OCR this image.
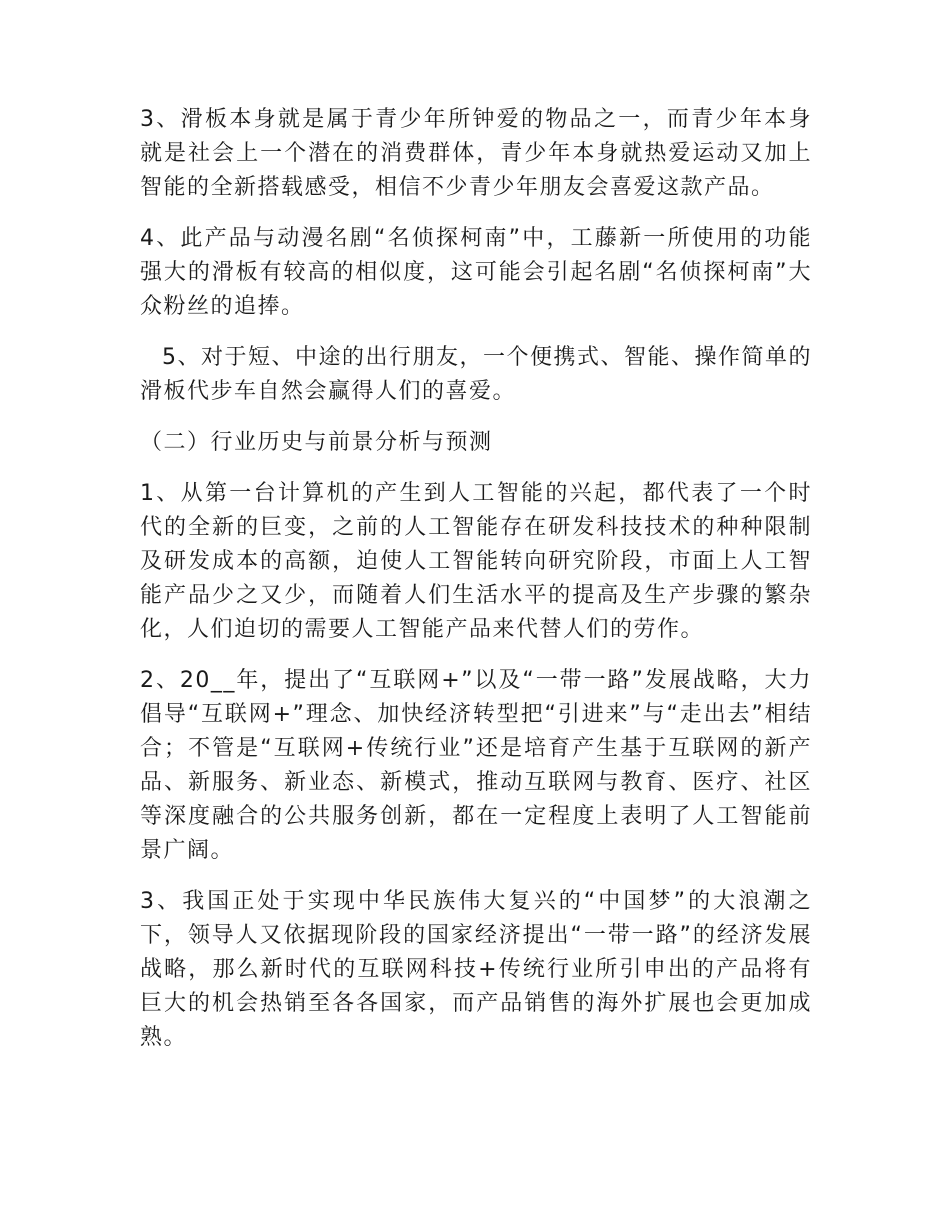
3、滑板本身就是属于青少年所钟爱的物品之一，而青少年本身就是社会上一个潜在的消费群体，青少年本身就热爱运动又加上智能的全新搭载感受，相信不少青少年朋友会喜爱这款产品。

4、此产品与动漫名剧“名侦探柯南”中，工藤新一所使用的功能强大的滑板有较高的相似度，这可能会引起名剧“名侦探柯南”大众粉丝的追捧。

5、对于短、中途的出行朋友，一个便携式、智能、操作简单的滑板代步车自然会赢得人们的喜爱。

（二）行业历史与前景分析与预测

1、从第一台计算机的产生到人工智能的兴起，都代表了一个时代的全新的巨变，之前的人工智能存在研发科技技术的种种限制及研发成本的高额，迫使人工智能转向研究阶段，市面上人工智能产品少之又少，而随着人们生活水平的提高及生产步骤的繁杂化，人们迫切的需要人工智能产品来代替人们的劳作。

2、20__年，提出了“互联网+”以及“一带一路”发展战略，大力倡导“互联网+”理念、加快经济转型把“引进来”与“走出去”相结合；不管是“互联网+传统行业”还是培育产生基于互联网的新产品、新服务、新业态、新模式，推动互联网与教育、医疗、社区等深度融合的公共服务创新，都在一定程度上表明了人工智能前景广阔。

3、我国正处于实现中华民族伟大复兴的“中国梦”的大浪潮之下，领导人又依据现阶段的国家经济提出“一带一路”的经济发展战略，那么新时代的互联网科技+传统行业所引申出的产品将有巨大的机会热销至各各国家，而产品销售的海外扩展也会更加成熟。
